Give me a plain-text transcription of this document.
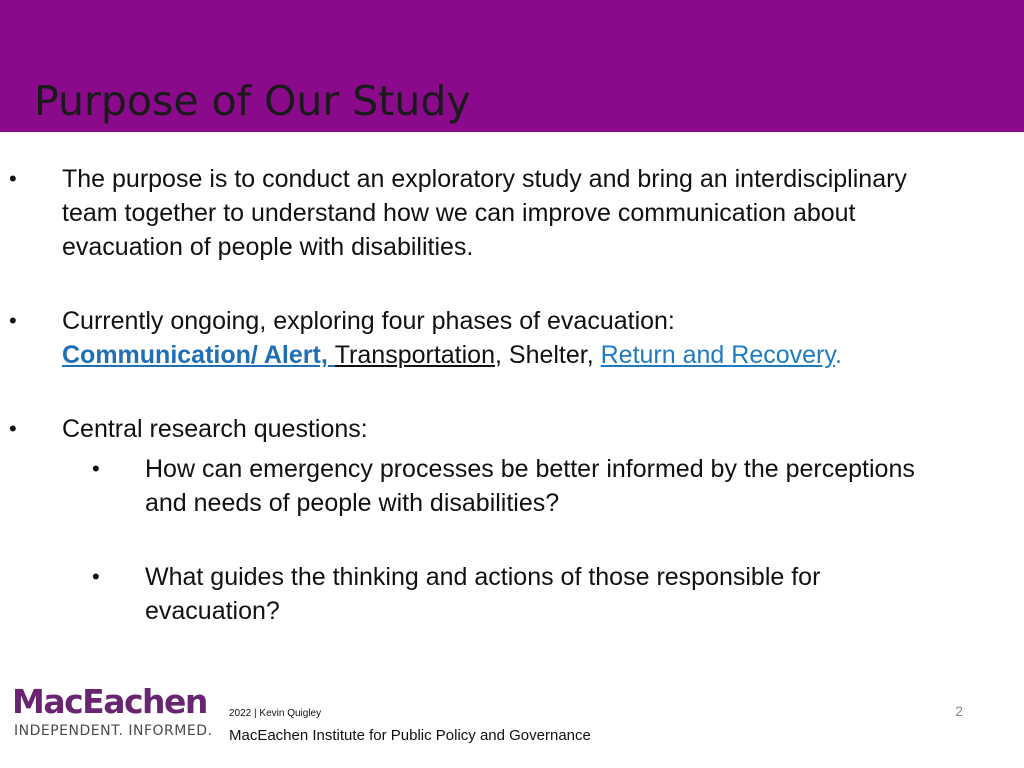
Purpose of Our Study
• The purpose is to conduct an exploratory study and bring an interdisciplinary team together to understand how we can improve communication about evacuation of people with disabilities.
• Currently ongoing, exploring four phases of evacuation:
Communication/ Alert, Transportation, Shelter, Return and Recovery.
• Central research questions:
• How can emergency processes be better informed by the perceptions and needs of people with disabilities?
• What guides the thinking and actions of those responsible for evacuation?
MacEachen
INDEPENDENT. INFORMED.
2022 | Kevin Quigley
MacEachen Institute for Public Policy and Governance
2
